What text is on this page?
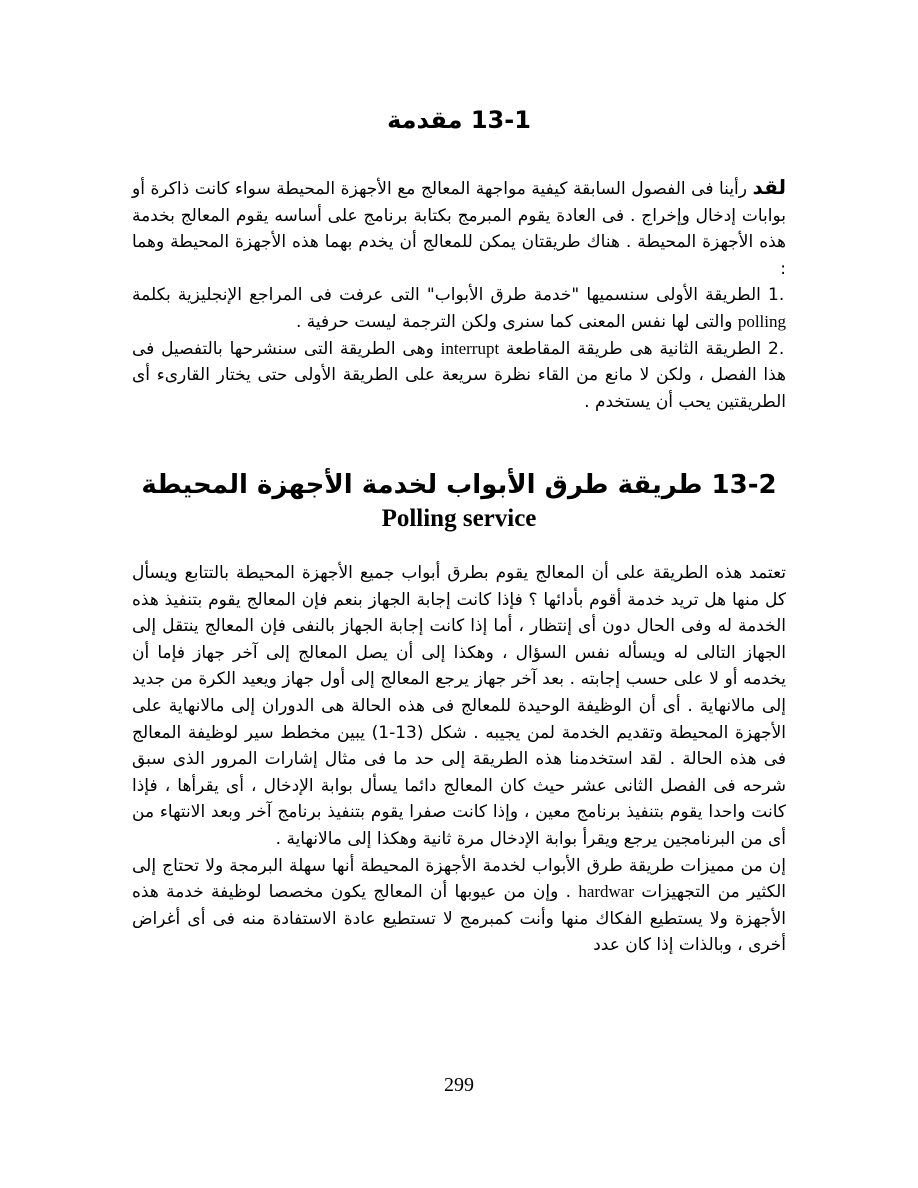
13-1 مقدمة

لقد رأينا فى الفصول السابقة كيفية مواجهة المعالج مع الأجهزة المحيطة سواء كانت ذاكرة أو بوابات إدخال وإخراج . فى العادة يقوم المبرمج بكتابة برنامج على أساسه يقوم المعالج بخدمة هذه الأجهزة المحيطة . هناك طريقتان يمكن للمعالج أن يخدم بهما هذه الأجهزة المحيطة وهما :

1. الطريقة الأولى سنسميها "خدمة طرق الأبواب" التى عرفت فى المراجع الإنجليزية بكلمة polling والتى لها نفس المعنى كما سنرى ولكن الترجمة ليست حرفية .

2. الطريقة الثانية هى طريقة المقاطعة interrupt وهى الطريقة التى سنشرحها بالتفصيل فى هذا الفصل ، ولكن لا مانع من القاء نظرة سريعة على الطريقة الأولى حتى يختار القارىء أى الطريقتين يحب أن يستخدم .

13-2 طريقة طرق الأبواب لخدمة الأجهزة المحيطة
Polling service

تعتمد هذه الطريقة على أن المعالج يقوم بطرق أبواب جميع الأجهزة المحيطة بالتتابع ويسأل كل منها هل تريد خدمة أقوم بأدائها ؟ فإذا كانت إجابة الجهاز بنعم فإن المعالج يقوم بتنفيذ هذه الخدمة له وفى الحال دون أى إنتظار ، أما إذا كانت إجابة الجهاز بالنفى فإن المعالج ينتقل إلى الجهاز التالى له ويسأله نفس السؤال ، وهكذا إلى أن يصل المعالج إلى آخر جهاز فإما أن يخدمه أو لا على حسب إجابته . بعد آخر جهاز يرجع المعالج إلى أول جهاز ويعيد الكرة من جديد إلى مالانهاية . أى أن الوظيفة الوحيدة للمعالج فى هذه الحالة هى الدوران إلى مالانهاية على الأجهزة المحيطة وتقديم الخدمة لمن يجيبه . شكل (13-1) يبين مخطط سير لوظيفة المعالج فى هذه الحالة . لقد استخدمنا هذه الطريقة إلى حد ما فى مثال إشارات المرور الذى سبق شرحه فى الفصل الثانى عشر حيث كان المعالج دائما يسأل بوابة الإدخال ، أى يقرأها ، فإذا كانت واحدا يقوم بتنفيذ برنامج معين ، وإذا كانت صفرا يقوم بتنفيذ برنامج آخر وبعد الانتهاء من أى من البرنامجين يرجع ويقرأ بوابة الإدخال مرة ثانية وهكذا إلى مالانهاية .

إن من مميزات طريقة طرق الأبواب لخدمة الأجهزة المحيطة أنها سهلة البرمجة ولا تحتاج إلى الكثير من التجهيزات hardwar . وإن من عيوبها أن المعالج يكون مخصصا لوظيفة خدمة هذه الأجهزة ولا يستطيع الفكاك منها وأنت كمبرمج لا تستطيع عادة الاستفادة منه فى أى أغراض أخرى ، وبالذات إذا كان عدد

299
